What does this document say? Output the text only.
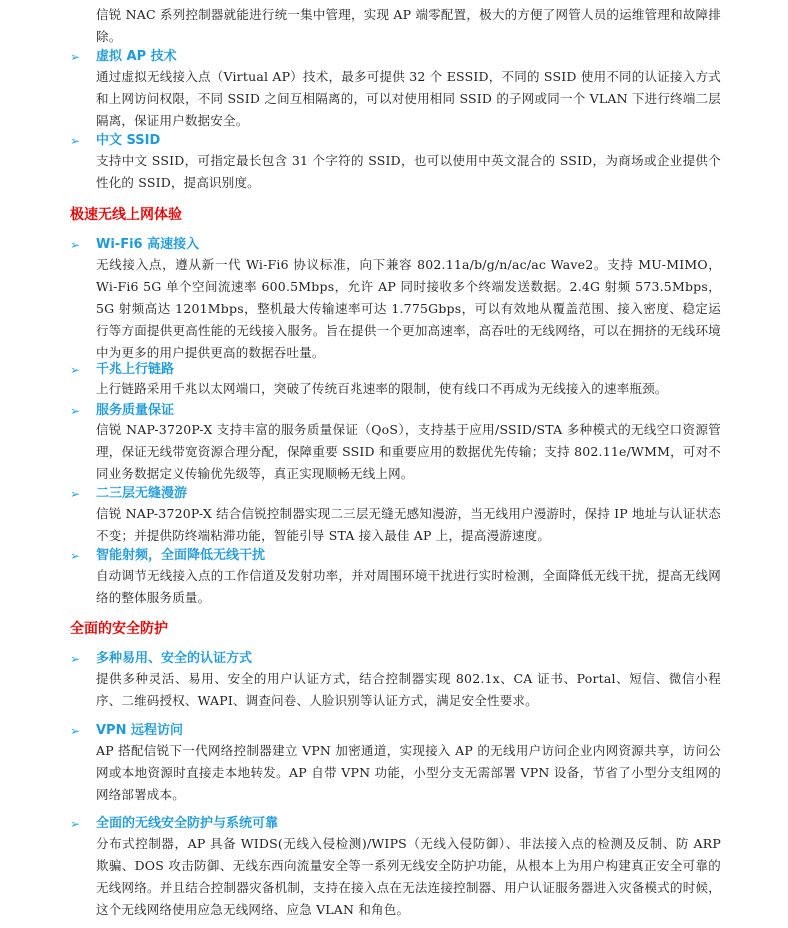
信锐 NAC 系列控制器就能进行统一集中管理，实现 AP 端零配置，极大的方便了网管人员的运维管理和故障排除。

➢ 虚拟 AP 技术

通过虚拟无线接入点（Virtual AP）技术，最多可提供 32 个 ESSID，不同的 SSID 使用不同的认证接入方式和上网访问权限，不同 SSID 之间互相隔离的，可以对使用相同 SSID 的子网或同一个 VLAN 下进行终端二层隔离，保证用户数据安全。

➢ 中文 SSID

支持中文 SSID，可指定最长包含 31 个字符的 SSID，也可以使用中英文混合的 SSID，为商场或企业提供个性化的 SSID，提高识别度。

极速无线上网体验
➢ Wi-Fi6 高速接入

无线接入点，遵从新一代 Wi-Fi6 协议标准，向下兼容 802.11a/b/g/n/ac/ac Wave2。支持 MU-MIMO，Wi-Fi6 5G 单个空间流速率 600.5Mbps，允许 AP 同时接收多个终端发送数据。2.4G 射频 573.5Mbps，5G 射频高达 1201Mbps，整机最大传输速率可达 1.775Gbps，可以有效地从覆盖范围、接入密度、稳定运行等方面提供更高性能的无线接入服务。旨在提供一个更加高速率，高吞吐的无线网络，可以在拥挤的无线环境中为更多的用户提供更高的数据吞吐量。

➢ 千兆上行链路

上行链路采用千兆以太网端口，突破了传统百兆速率的限制，使有线口不再成为无线接入的速率瓶颈。

➢ 服务质量保证

信锐 NAP-3720P-X 支持丰富的服务质量保证（QoS），支持基于应用/SSID/STA 多种模式的无线空口资源管理，保证无线带宽资源合理分配，保障重要 SSID 和重要应用的数据优先传输；支持 802.11e/WMM，可对不同业务数据定义传输优先级等，真正实现顺畅无线上网。

➢ 二三层无缝漫游

信锐 NAP-3720P-X 结合信锐控制器实现二三层无缝无感知漫游，当无线用户漫游时，保持 IP 地址与认证状态不变；并提供防终端粘滞功能，智能引导 STA 接入最佳 AP 上，提高漫游速度。

➢ 智能射频，全面降低无线干扰

自动调节无线接入点的工作信道及发射功率，并对周围环境干扰进行实时检测，全面降低无线干扰，提高无线网络的整体服务质量。

全面的安全防护
➢ 多种易用、安全的认证方式

提供多种灵活、易用、安全的用户认证方式，结合控制器实现 802.1x、CA 证书、Portal、短信、微信小程序、二维码授权、WAPI、调查问卷、人脸识别等认证方式，满足安全性要求。

➢ VPN 远程访问

AP 搭配信锐下一代网络控制器建立 VPN 加密通道，实现接入 AP 的无线用户访问企业内网资源共享，访问公网或本地资源时直接走本地转发。AP 自带 VPN 功能，小型分支无需部署 VPN 设备，节省了小型分支组网的网络部署成本。

➢ 全面的无线安全防护与系统可靠

分布式控制器，AP 具备 WIDS(无线入侵检测)/WIPS（无线入侵防御）、非法接入点的检测及反制、防 ARP 欺骗、DOS 攻击防御、无线东西向流量安全等一系列无线安全防护功能，从根本上为用户构建真正安全可靠的无线网络。并且结合控制器灾备机制，支持在接入点在无法连接控制器、用户认证服务器进入灾备模式的时候，这个无线网络使用应急无线网络、应急 VLAN 和角色。
